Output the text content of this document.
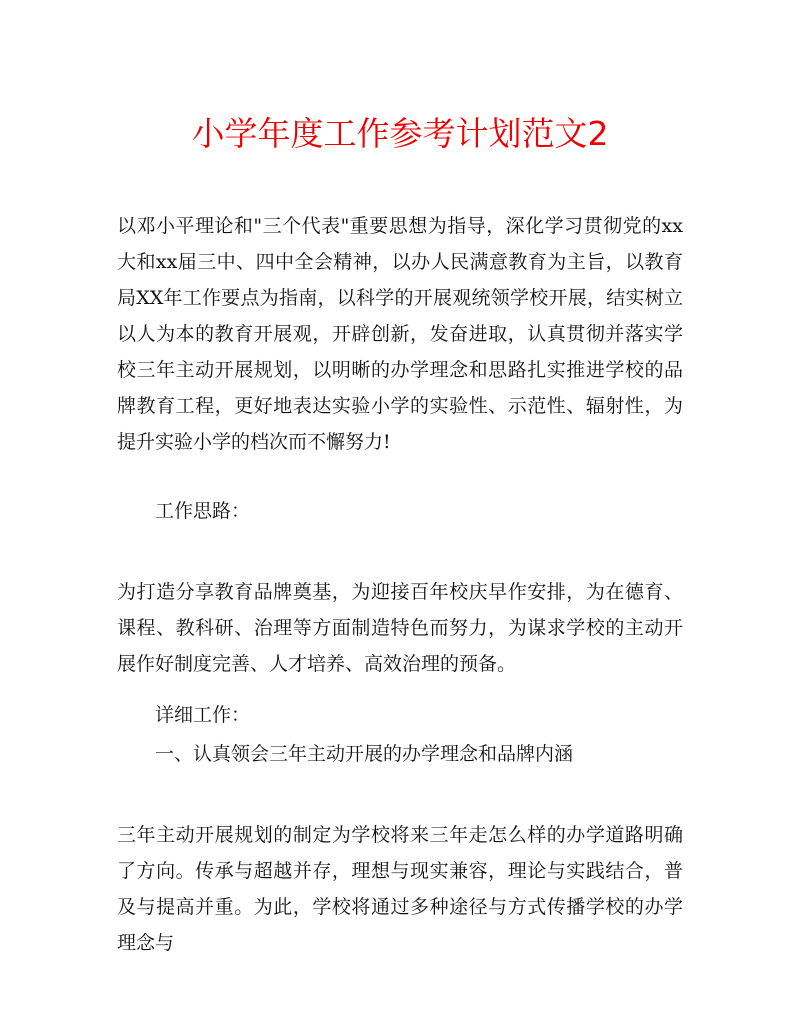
小学年度工作参考计划范文2

以邓小平理论和"三个代表"重要思想为指导，深化学习贯彻党的xx大和xx届三中、四中全会精神，以办人民满意教育为主旨，以教育局XX年工作要点为指南，以科学的开展观统领学校开展，结实树立以人为本的教育开展观，开辟创新，发奋进取，认真贯彻并落实学校三年主动开展规划，以明晰的办学理念和思路扎实推进学校的品牌教育工程，更好地表达实验小学的实验性、示范性、辐射性，为提升实验小学的档次而不懈努力!

工作思路：

为打造分享教育品牌奠基，为迎接百年校庆早作安排，为在德育、课程、教科研、治理等方面制造特色而努力，为谋求学校的主动开展作好制度完善、人才培养、高效治理的预备。

详细工作：

一、认真领会三年主动开展的办学理念和品牌内涵

三年主动开展规划的制定为学校将来三年走怎么样的办学道路明确了方向。传承与超越并存，理想与现实兼容，理论与实践结合，普及与提高并重。为此，学校将通过多种途径与方式传播学校的办学理念与
